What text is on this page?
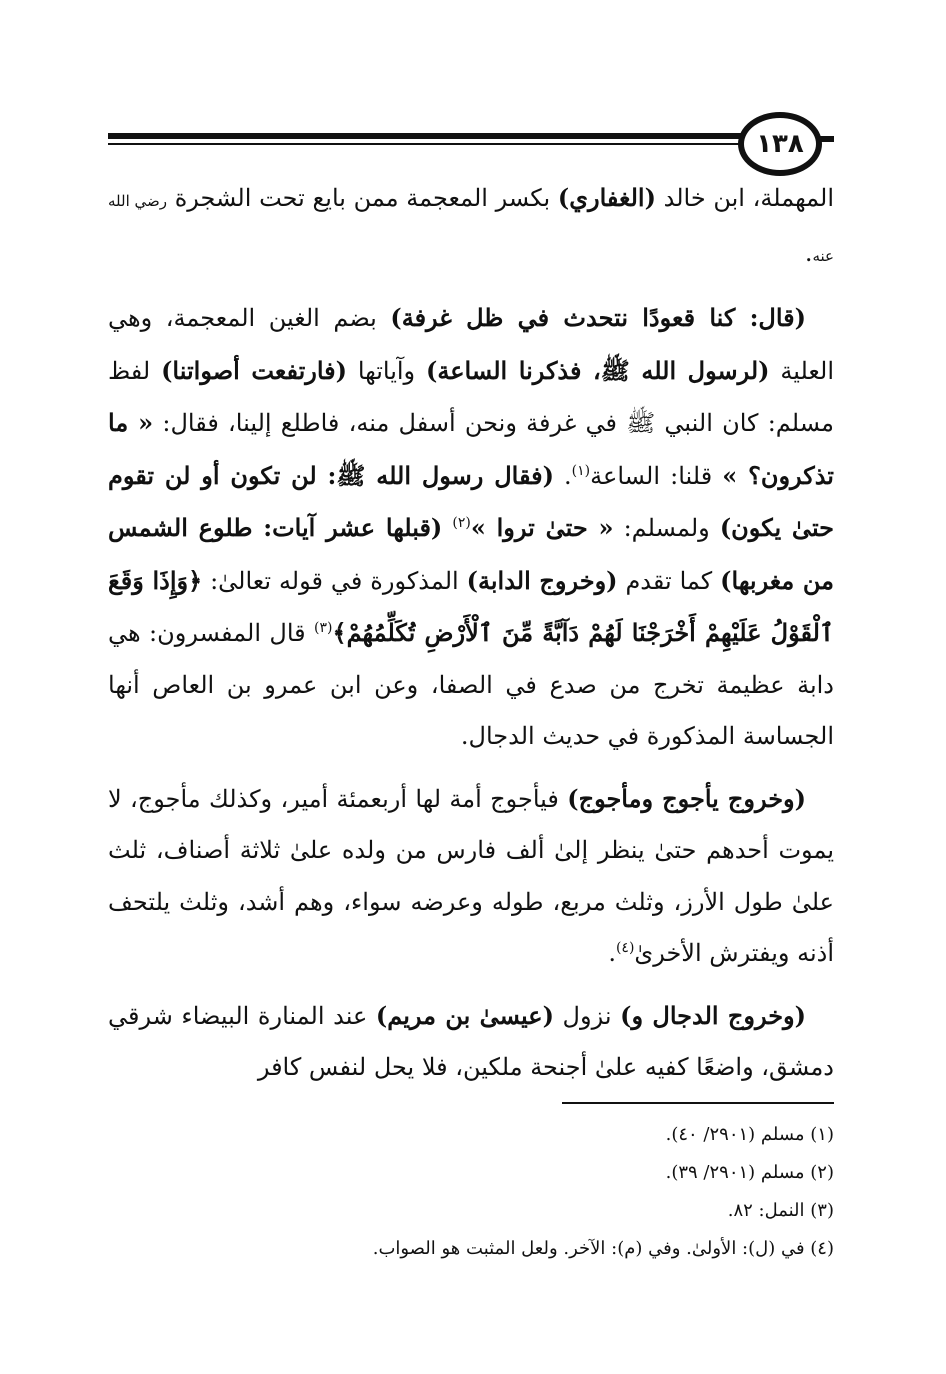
١٣٨

المهملة، ابن خالد (الغفاري) بكسر المعجمة ممن بايع تحت الشجرة رضي الله عنه.

(قال: كنا قعودًا نتحدث في ظل غرفة) بضم الغين المعجمة، وهي العلية (لرسول الله ﷺ، فذكرنا الساعة) وآياتها (فارتفعت أصواتنا) لفظ مسلم: كان النبي ﷺ في غرفة ونحن أسفل منه، فاطلع إلينا، فقال: « ما تذكرون؟ » قلنا: الساعة$^{(١)}$. (فقال رسول الله ﷺ: لن تكون أو لن تقوم حتىٰ يكون) ولمسلم: « حتىٰ تروا »$^{(٢)}$ (قبلها عشر آيات: طلوع الشمس من مغربها) كما تقدم (وخروج الدابة) المذكورة في قوله تعالىٰ: ﴿وَإِذَا وَقَعَ ٱلْقَوْلُ عَلَيْهِمْ أَخْرَجْنَا لَهُمْ دَآبَّةً مِّنَ ٱلْأَرْضِ تُكَلِّمُهُمْ﴾$^{(٣)}$ قال المفسرون: هي دابة عظيمة تخرج من صدع في الصفا، وعن ابن عمرو بن العاص أنها الجساسة المذكورة في حديث الدجال.

(وخروج يأجوج ومأجوج) فيأجوج أمة لها أربعمئة أمير، وكذلك مأجوج، لا يموت أحدهم حتىٰ ينظر إلىٰ ألف فارس من ولده علىٰ ثلاثة أصناف، ثلث علىٰ طول الأرز، وثلث مربع، طوله وعرضه سواء، وهم أشد، وثلث يلتحف أذنه ويفترش الأخرىٰ$^{(٤)}$.

(وخروج الدجال و) نزول (عيسىٰ بن مريم) عند المنارة البيضاء شرقي دمشق، واضعًا كفيه علىٰ أجنحة ملكين، فلا يحل لنفس كافر

(١) مسلم (٢٩٠١/ ٤٠).
(٢) مسلم (٢٩٠١/ ٣٩).
(٣) النمل: ٨٢.
(٤) في (ل): الأولىٰ. وفي (م): الآخر. ولعل المثبت هو الصواب.
